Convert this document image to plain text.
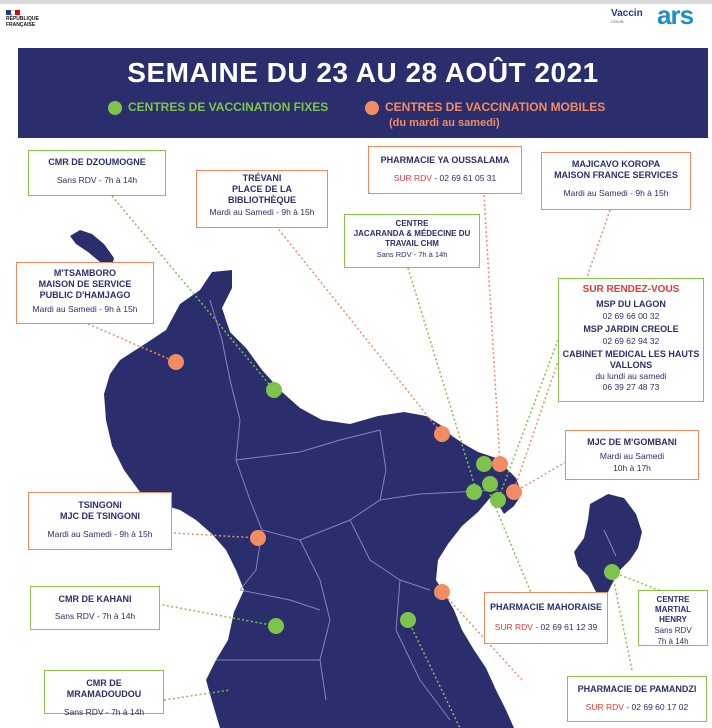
RÉPUBLIQUE
FRANÇAISE
Vaccin
COVID	ars
SEMAINE DU 23 AU 28 AOÛT 2021
CENTRES DE VACCINATION FIXES	CENTRES DE VACCINATION MOBILES
(du mardi au samedi)
CMR DE DZOUMOGNE
Sans RDV - 7h à 14h	TRÉVANI
PLACE DE LA
BIBLIOTHÈQUE
Mardi au Samedi - 9h à 15h
PHARMACIE YA OUSSALAMA
SUR RDV - 02 69 61 05 31
MAJICAVO KOROPA
MAISON FRANCE SERVICES
Mardi au Samedi - 9h à 15h
CENTRE
JACARANDA & MÉDECINE DU
TRAVAIL CHM
Sans RDV - 7h à 14h
M'TSAMBORO
MAISON DE SERVICE
PUBLIC D'HAMJAGO
Mardi au Samedi - 9h à 15h
SUR RENDEZ-VOUS
MSP DU LAGON
02 69 66 00 32
MSP JARDIN CREOLE
02 69 62 94 32
CABINET MEDICAL LES HAUTS
VALLONS
du lundi au samedi
06 39 27 48 73
MJC DE M'GOMBANI
Mardi au Samedi
10h à 17h
TSINGONI
MJC DE TSINGONI
Mardi au Samedi - 9h à 15h
CMR DE KAHANI
Sans RDV - 7h à 14h
PHARMACIE MAHORAISE
SUR RDV - 02 69 61 12 39
CENTRE
MARTIAL HENRY
Sans RDV
7h à 14h
CMR DE MRAMADOUDOU
Sans RDV - 7h à 14h
PHARMACIE DE PAMANDZI
SUR RDV - 02 69 60 17 02
